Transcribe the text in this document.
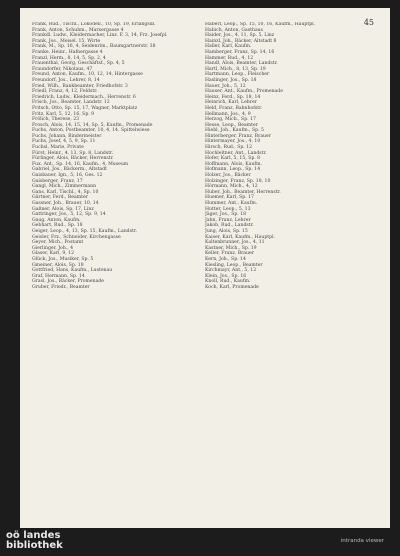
45

Frank, Rud., Tischl., Lokodell., 10, Sp. 19, Erlangsdl.

Frank, Anton, Schuhm., Marxergasse 4

Frankdl. Ludw., Kleidermacher, Linz. F. 3, 14, Frz. Josefpl.

Frank, Jos., Meisel. 15, Wirte

Frank, M., Sp. 16, 4, Seidenrim., Baumgartnerstr. 38

Franke, Heinr., Hafnergasse 4

Franzl, Herm., 8, 14, 5, Sp. 2, 4

Frauenthal, Georg, Geschäftsf., Sp. 4, 5

Fraundorfer, Nikolaus, 47

Freund, Anton, Kaufm., 10, 12, 14, Hintergasse

Freundorf, Jos., Lehrer, 8, 14

Fried, Wilh., Bankbeamter, Friedhofstr. 3

Friedl, Franz, 4, 12, Feldstr.

Friedrich, Ludw., Kleidermach., Herrenstr. 6

Frisch, Jos., Beamter, Landstr. 12

Fritsch, Otto, Sp. 15, 17, Wagner, Marktplatz

Fritz, Karl, 5, 12, 16, Sp. 9

Frölich, Therese, 23

Frosch, Alois, 14, 15, 14, Sp. 5, Kaufm., Promenade

Fuchs, Anton, Postbeamter, 10, 4, 14, Spittelwiese

Fuchs, Johann, Bindermeister

Fuchs, Josef, 4, 5, 9, Sp. 11

Fuchsl, Marie, Private

Fürst, Heinr., 4, 13, Sp. 8, Landstr.

Fürlinger, Alois, Bäcker, Herrenstr.

Fux, Ant., Sp. 14, 16, Kaufm., 4, Museum

Gabriel, Jos., Bäckerm., Altstadt

Gaisbauer, Ign., 5, 16, Ges. 12

Gaisberger, Franz, 17

Gangl, Mich., Zimmermann

Gans, Karl, Tischl., 4, Sp. 10

Gärtner, Ferd., Beamter

Gassner, Joh., Brauer, 10, 14

Gaßner, Alois, Sp. 17, Linz

Gattringer, Jos., 5, 12, Sp. 9, 14

Gaug, Anton, Kaufm.

Gebhart, Rud., Sp. 18

Geiger, Leop., 4, 13, Sp. 15, Kaufm., Landstr.

Geisler, Frz., Schneider, Kirchengasse

Geyer, Mich., Postamt

Gierlinger, Joh., 4

Glaser, Karl, 9, 12

Glück, Jos., Musiker, Sp. 5

Gmeiner, Alois, Sp. 18

Gottfried, Hans, Kaufm., Lustenau

Graf, Hermann, Sp. 14

Grasl, Jos., Bäcker, Promenade

Gruber, Friedr., Beamter

Haberl, Leop., Sp. 15, 10, 16, Kaufm., Hauptpl.

Habich, Anton, Gasthaus

Haider, Jos., 4, 11, Sp. 5, Linz

Hainzl, Joh., Bäcker, Altstadt 8

Haller, Karl, Kaufm.

Hamberger, Franz, Sp. 14, 16

Hammer, Rud., 4, 12

Handl, Alois, Beamter, Landstr.

Hartl, Mich., 8, 13, Sp. 19

Hartmann, Leop., Fleischer

Haslinger, Jos., Sp. 18

Hauer, Joh., 5, 12

Hauser, Ant., Kaufm., Promenade

Heinz, Ferd., Sp. 18, 14

Heinrich, Karl, Lehrer

Held, Franz, Bahnhofstr.

Hellmann, Jos., 4, 9

Herzog, Mich., Sp. 17

Hesse, Leop., Beamter

Hiebl, Joh., Kaufm., Sp. 5

Hinterberger, Franz, Brauer

Hintermayer, Jos., 4, 10

Hirsch, Rud., Sp. 12

Hochleitner, Ant., Landstr.

Hofer, Karl, 5, 15, Sp. 8

Hoffmann, Alois, Kaufm.

Hofmann, Leop., Sp. 14

Holzer, Jos., Bäcker

Holzinger, Franz, Sp. 18, 10

Hörmann, Mich., 4, 12

Huber, Joh., Beamter, Herrenstr.

Huemer, Karl, Sp. 17

Hummer, Ant., Kaufm.

Hutter, Leop., 5, 13

Jäger, Jos., Sp. 18

Jahn, Franz, Lehrer

Jakob, Rud., Landstr.

Jung, Alois, Sp. 15

Kaiser, Karl, Kaufm., Hauptpl.

Kaltenbrunner, Jos., 4, 11

Kastner, Mich., Sp. 19

Keller, Franz, Brauer

Kern, Joh., Sp. 14

Kiesling, Leop., Beamter

Kirchmayr, Ant., 5, 12

Klein, Jos., Sp. 16

Knoll, Rud., Kaufm.

Koch, Karl, Promenade

oö landes
bibliothek	intranda viewer
